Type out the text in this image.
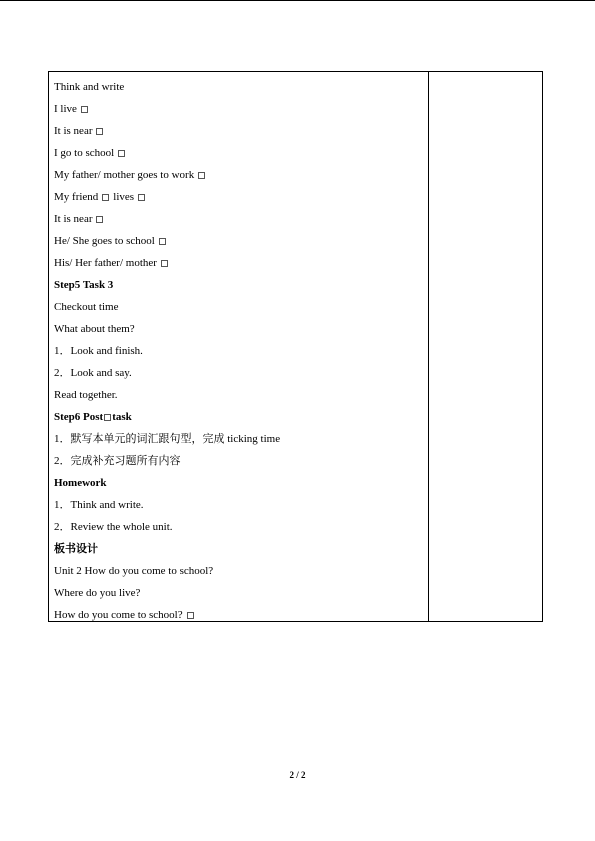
Think and write
I live
It is near
I go to school
My father/ mother goes to work
My friend lives
It is near
He/ She goes to school
His/ Her father/ mother
Step5 Task 3
Checkout time
What about them?
1．Look and finish.
2．Look and say.
Read together.
Step6 Post task
1．默写本单元的词汇跟句型，完成 ticking time
2．完成补充习题所有内容
Homework
1．Think and write.
2．Review the whole unit.
板书设计
Unit 2 How do you come to school?
Where do you live?
How do you come to school?
2 / 2
